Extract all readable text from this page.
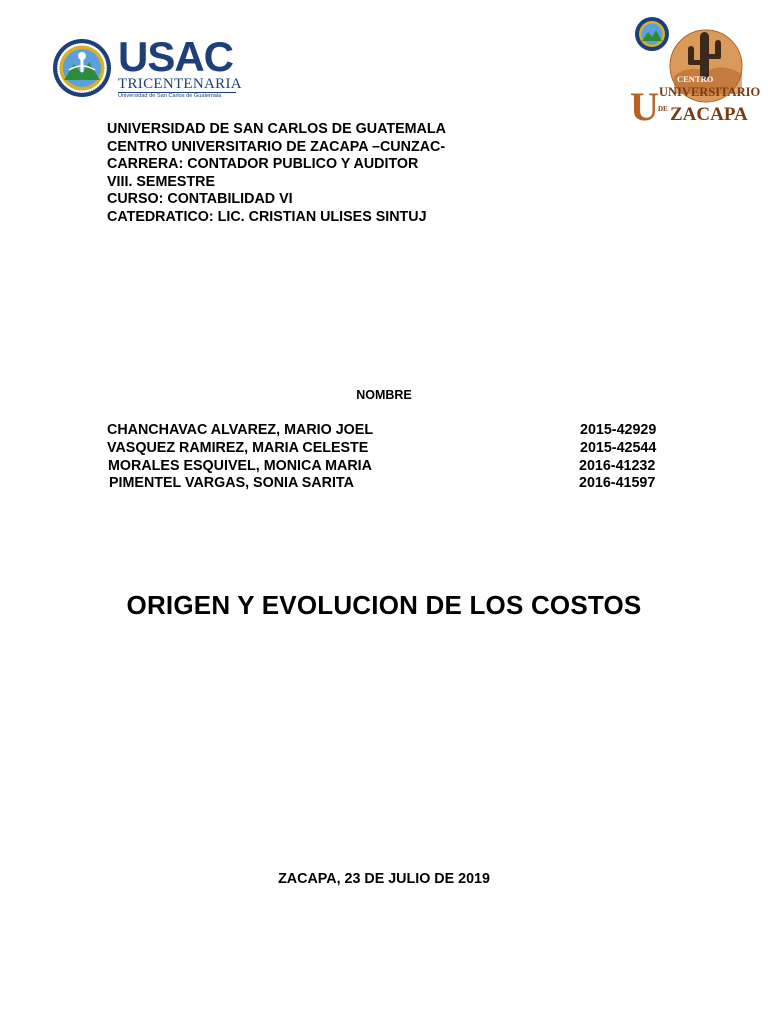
USAC
TRICENTENARIA
Universidad de San Carlos de Guatemala
CENTRO
UNIVERSITARIO
ZACAPA
U DE
UNIVERSIDAD DE SAN CARLOS DE GUATEMALA
CENTRO UNIVERSITARIO DE ZACAPA –CUNZAC-
CARRERA: CONTADOR PUBLICO Y AUDITOR
VIII. SEMESTRE
CURSO: CONTABILIDAD VI
CATEDRATICO: LIC. CRISTIAN ULISES SINTUJ
NOMBRE
CHANCHAVAC ALVAREZ, MARIO JOEL	2015-42929
VASQUEZ RAMIREZ, MARIA CELESTE	2015-42544
MORALES ESQUIVEL, MONICA MARIA	2016-41232
PIMENTEL VARGAS, SONIA SARITA	2016-41597
ORIGEN Y EVOLUCION DE LOS COSTOS
ZACAPA, 23 DE JULIO DE 2019
